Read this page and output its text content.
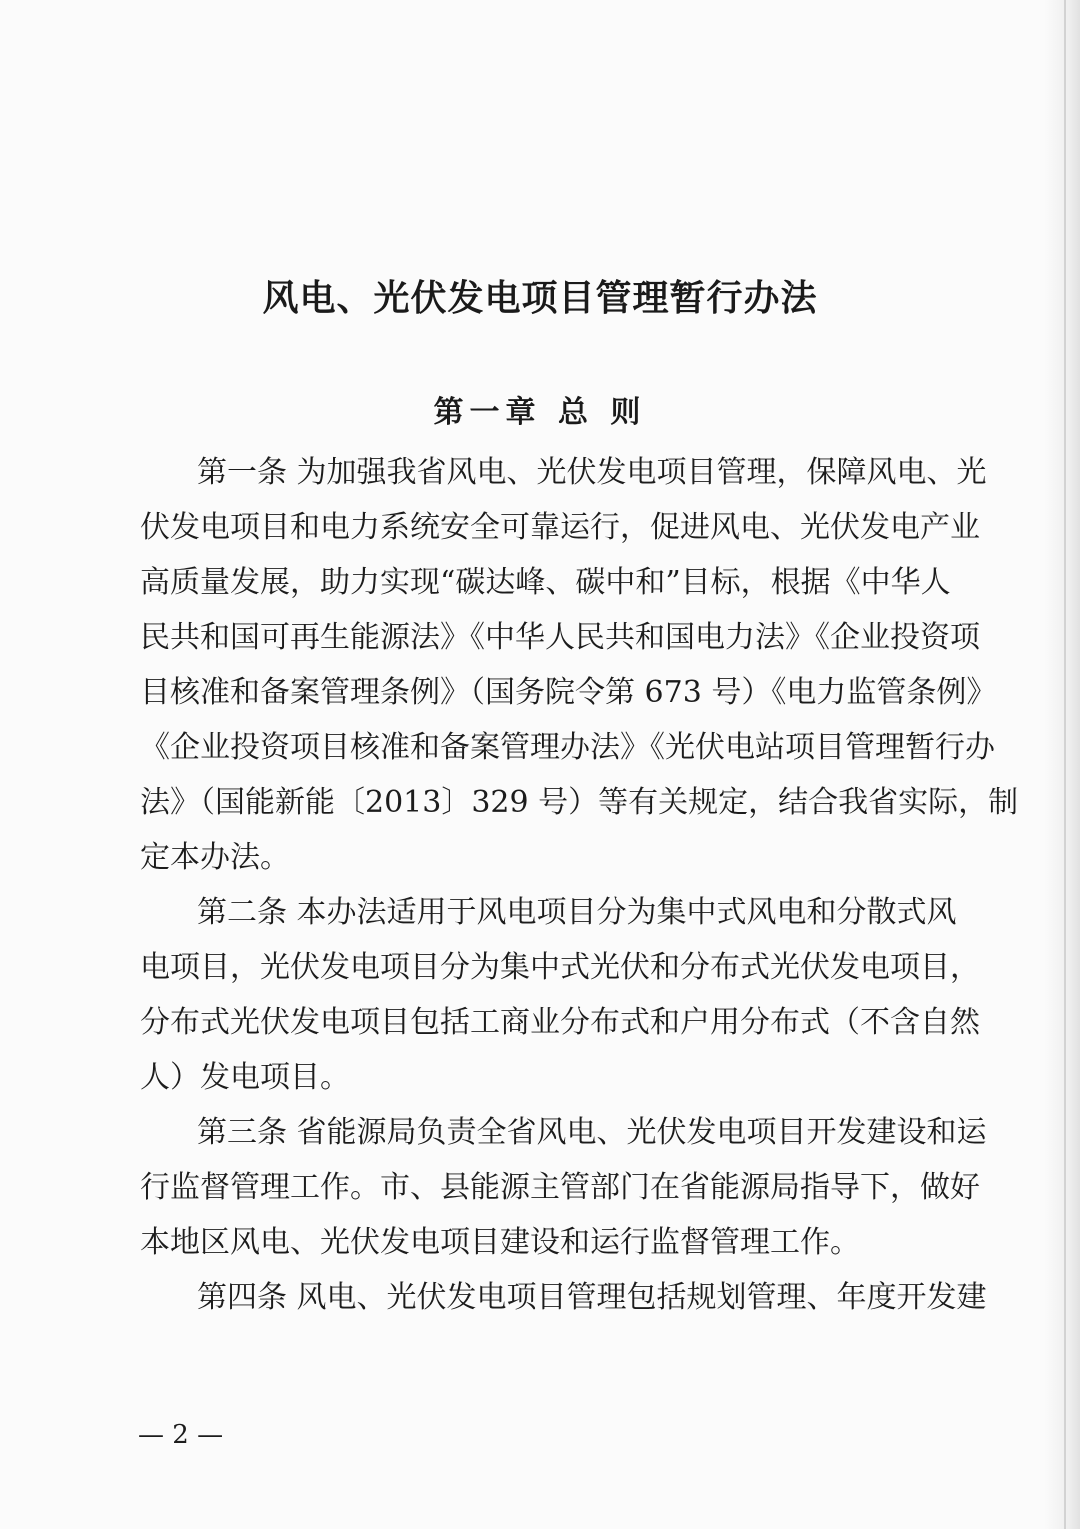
风电、光伏发电项目管理暂行办法
第一章 总 则
第一条 为加强我省风电、光伏发电项目管理，保障风电、光
伏发电项目和电力系统安全可靠运行，促进风电、光伏发电产业
高质量发展，助力实现“碳达峰、碳中和”目标，根据《中华人
民共和国可再生能源法》《中华人民共和国电力法》《企业投资项
目核准和备案管理条例》（国务院令第 673 号）《电力监管条例》
《企业投资项目核准和备案管理办法》《光伏电站项目管理暂行办
法》（国能新能〔2013〕329 号）等有关规定，结合我省实际，制
定本办法。
第二条 本办法适用于风电项目分为集中式风电和分散式风
电项目，光伏发电项目分为集中式光伏和分布式光伏发电项目，
分布式光伏发电项目包括工商业分布式和户用分布式（不含自然
人）发电项目。
第三条 省能源局负责全省风电、光伏发电项目开发建设和运
行监督管理工作。市、县能源主管部门在省能源局指导下，做好
本地区风电、光伏发电项目建设和运行监督管理工作。
第四条 风电、光伏发电项目管理包括规划管理、年度开发建
— 2 —
